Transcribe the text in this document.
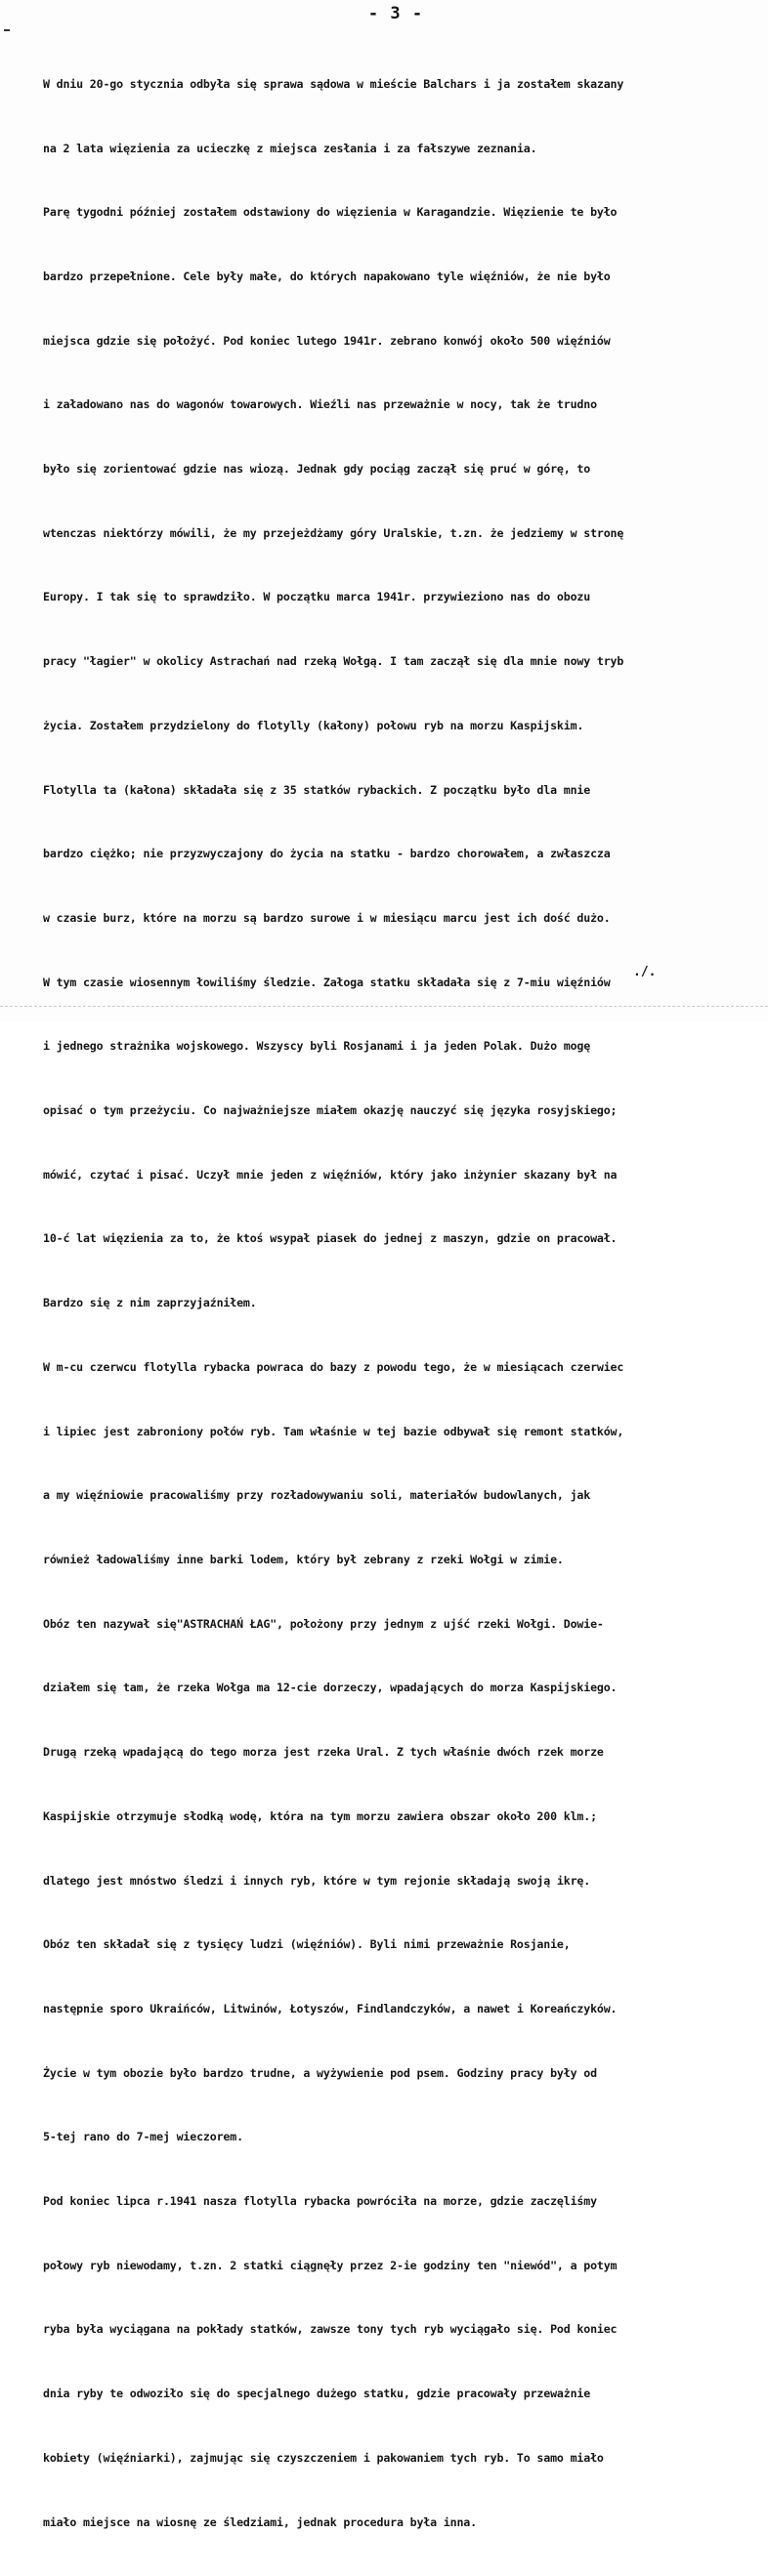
- 3 -

W dniu 20-go stycznia odbyła się sprawa sądowa w mieście Balchars i ja zostałem skazany

na 2 lata więzienia za ucieczkę z miejsca zesłania i za fałszywe zeznania.

Parę tygodni później zostałem odstawiony do więzienia w Karagandzie. Więzienie te było

bardzo przepełnione. Cele były małe, do których napakowano tyle więźniów, że nie było

miejsca gdzie się położyć. Pod koniec lutego 1941r. zebrano konwój około 500 więźniów

i załadowano nas do wagonów towarowych. Wieźli nas przeważnie w nocy, tak że trudno

było się zorientować gdzie nas wiozą. Jednak gdy pociąg zaczął się pruć w górę, to

wtenczas niektórzy mówili, że my przejeżdżamy góry Uralskie, t.zn. że jedziemy w stronę

Europy. I tak się to sprawdziło. W początku marca 1941r. przywieziono nas do obozu

pracy "łagier" w okolicy Astrachań nad rzeką Wołgą. I tam zaczął się dla mnie nowy tryb

życia. Zostałem przydzielony do flotylly (kałony) połowu ryb na morzu Kaspijskim.

Flotylla ta (kałona) składała się z 35 statków rybackich. Z początku było dla mnie

bardzo ciężko; nie przyzwyczajony do życia na statku - bardzo chorowałem, a zwłaszcza

w czasie burz, które na morzu są bardzo surowe i w miesiącu marcu jest ich dość dużo.

W tym czasie wiosennym łowiliśmy śledzie. Załoga statku składała się z 7-miu więźniów

i jednego strażnika wojskowego. Wszyscy byli Rosjanami i ja jeden Polak. Dużo mogę

opisać o tym przeżyciu. Co najważniejsze miałem okazję nauczyć się języka rosyjskiego;

mówić, czytać i pisać. Uczył mnie jeden z więźniów, który jako inżynier skazany był na

10-ć lat więzienia za to, że ktoś wsypał piasek do jednej z maszyn, gdzie on pracował.

Bardzo się z nim zaprzyjaźniłem.

W m-cu czerwcu flotylla rybacka powraca do bazy z powodu tego, że w miesiącach czerwiec

i lipiec jest zabroniony połów ryb. Tam właśnie w tej bazie odbywał się remont statków,

a my więźniowie pracowaliśmy przy rozładowywaniu soli, materiałów budowlanych, jak

również ładowaliśmy inne barki lodem, który był zebrany z rzeki Wołgi w zimie.

Obóz ten nazywał się"ASTRACHAŃ ŁAG", położony przy jednym z ujść rzeki Wołgi. Dowie-

działem się tam, że rzeka Wołga ma 12-cie dorzeczy, wpadających do morza Kaspijskiego.

Drugą rzeką wpadającą do tego morza jest rzeka Ural. Z tych właśnie dwóch rzek morze

Kaspijskie otrzymuje słodką wodę, która na tym morzu zawiera obszar około 200 klm.;

dlatego jest mnóstwo śledzi i innych ryb, które w tym rejonie składają swoją ikrę.

Obóz ten składał się z tysięcy ludzi (więźniów). Byli nimi przeważnie Rosjanie,

następnie sporo Ukraińców, Litwinów, Łotyszów, Findlandczyków, a nawet i Koreańczyków.

Życie w tym obozie było bardzo trudne, a wyżywienie pod psem. Godziny pracy były od

5-tej rano do 7-mej wieczorem.

Pod koniec lipca r.1941 nasza flotylla rybacka powróciła na morze, gdzie zaczęliśmy

połowy ryb niewodamy, t.zn. 2 statki ciągnęły przez 2-ie godziny ten "niewód", a potym

ryba była wyciągana na pokłady statków, zawsze tony tych ryb wyciągało się. Pod koniec

dnia ryby te odwoziło się do specjalnego dużego statku, gdzie pracowały przeważnie

kobiety (więźniarki), zajmując się czyszczeniem i pakowaniem tych ryb. To samo miało

miało miejsce na wiosnę ze śledziami, jednak procedura była inna.

./.
